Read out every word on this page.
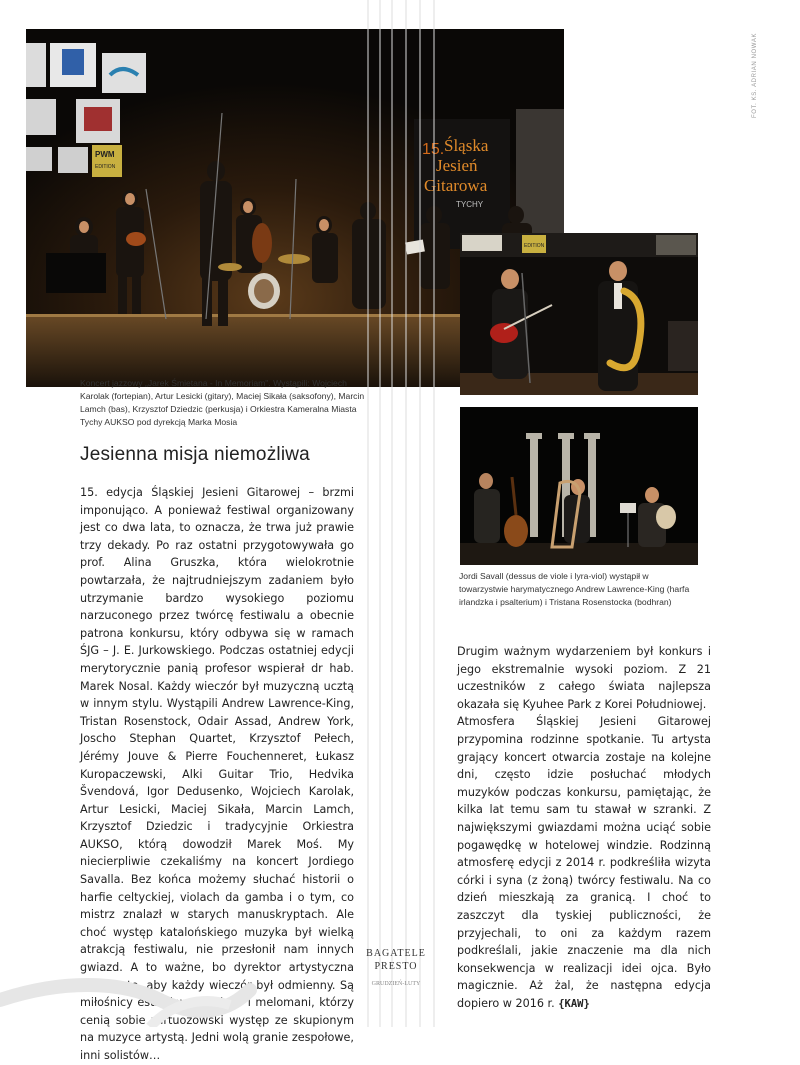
PWM
EDITION
15. Śląska
Jesień
Gitarowa
TYCHY
EDITION
FOT. KS. ADRIAN NOWAK
Koncert jazzowy „Jarek Śmietana - In Memoriam". Wystąpili: Wojciech Karolak (fortepian), Artur Lesicki (gitary), Maciej Sikała (saksofony), Marcin Lamch (bas), Krzysztof Dziedzic (perkusja) i Orkiestra Kameralna Miasta Tychy AUKSO pod dyrekcją Marka Mosia
Jordi Savall (dessus de viole i lyra-viol) wystąpił w towarzystwie harymatycznego Andrew Lawrence-King (harfa irlandzka i psalterium) i Tristana Rosenstocka (bodhran)
Jesienna misja niemożliwa
15. edycja Śląskiej Jesieni Gitarowej – brzmi imponująco. A ponieważ festiwal organizowany jest co dwa lata, to oznacza, że trwa już prawie trzy dekady. Po raz ostatni przygotowywała go prof. Alina Gruszka, która wielokrotnie powtarzała, że najtrudniejszym zadaniem było utrzymanie bardzo wysokiego poziomu narzuconego przez twórcę festiwalu a obecnie patrona konkursu, który odbywa się w ramach ŚJG – J. E. Jurkowskiego. Podczas ostatniej edycji merytorycznie panią profesor wspierał dr hab. Marek Nosal. Każdy wieczór był muzyczną ucztą w innym stylu. Wystąpili Andrew Lawrence-King, Tristan Rosenstock, Odair Assad, Andrew York, Joscho Stephan Quartet, Krzysztof Pełech, Jérémy Jouve & Pierre Fouchenneret, Łukasz Kuropaczewski, Alki Guitar Trio, Hedvika Švendová, Igor Dedusenko, Wojciech Karolak, Artur Lesicki, Maciej Sikała, Marcin Lamch, Krzysztof Dziedzic i tradycyjnie Orkiestra AUKSO, którą dowodził Marek Moś. My niecierpliwie czekaliśmy na koncert Jordiego Savalla. Bez końca możemy słuchać historii o harfie celtyckiej, violach da gamba i o tym, co mistrz znalazł w starych manuskryptach. Ale choć występ katalońskiego muzyka był wielką atrakcją festiwalu, nie przesłonił nam innych gwiazd. A to ważne, bo dyrektor artystyczna dbała o to, aby każdy wieczór był odmienny. Są miłośnicy estradowego show i melomani, którzy cenią sobie wirtuozowski występ ze skupionym na muzyce artystą. Jedni wolą granie zespołowe, inni solistów…
Drugim ważnym wydarzeniem był konkurs i jego ekstremalnie wysoki poziom. Z 21 uczestników z całego świata najlepsza okazała się Kyuhee Park z Korei Południowej.
Atmosfera Śląskiej Jesieni Gitarowej przypomina rodzinne spotkanie. Tu artysta grający koncert otwarcia zostaje na kolejne dni, często idzie posłuchać młodych muzyków podczas konkursu, pamiętając, że kilka lat temu sam tu stawał w szranki. Z największymi gwiazdami można uciąć sobie pogawędkę w hotelowej windzie. Rodzinną atmosferę edycji z 2014 r. podkreśliła wizyta córki i syna (z żoną) twórcy festiwalu. Na co dzień mieszkają za granicą. I choć to zaszczyt dla tyskiej publiczności, że przyjechali, to oni za każdym razem podkreślali, jakie znaczenie ma dla nich konsekwencja w realizacji idei ojca. Było magicznie. Aż żal, że następna edycja dopiero w 2016 r. {KAW}
BAGATELE
PRESTO
GRUDZIEŃ-LUTY
